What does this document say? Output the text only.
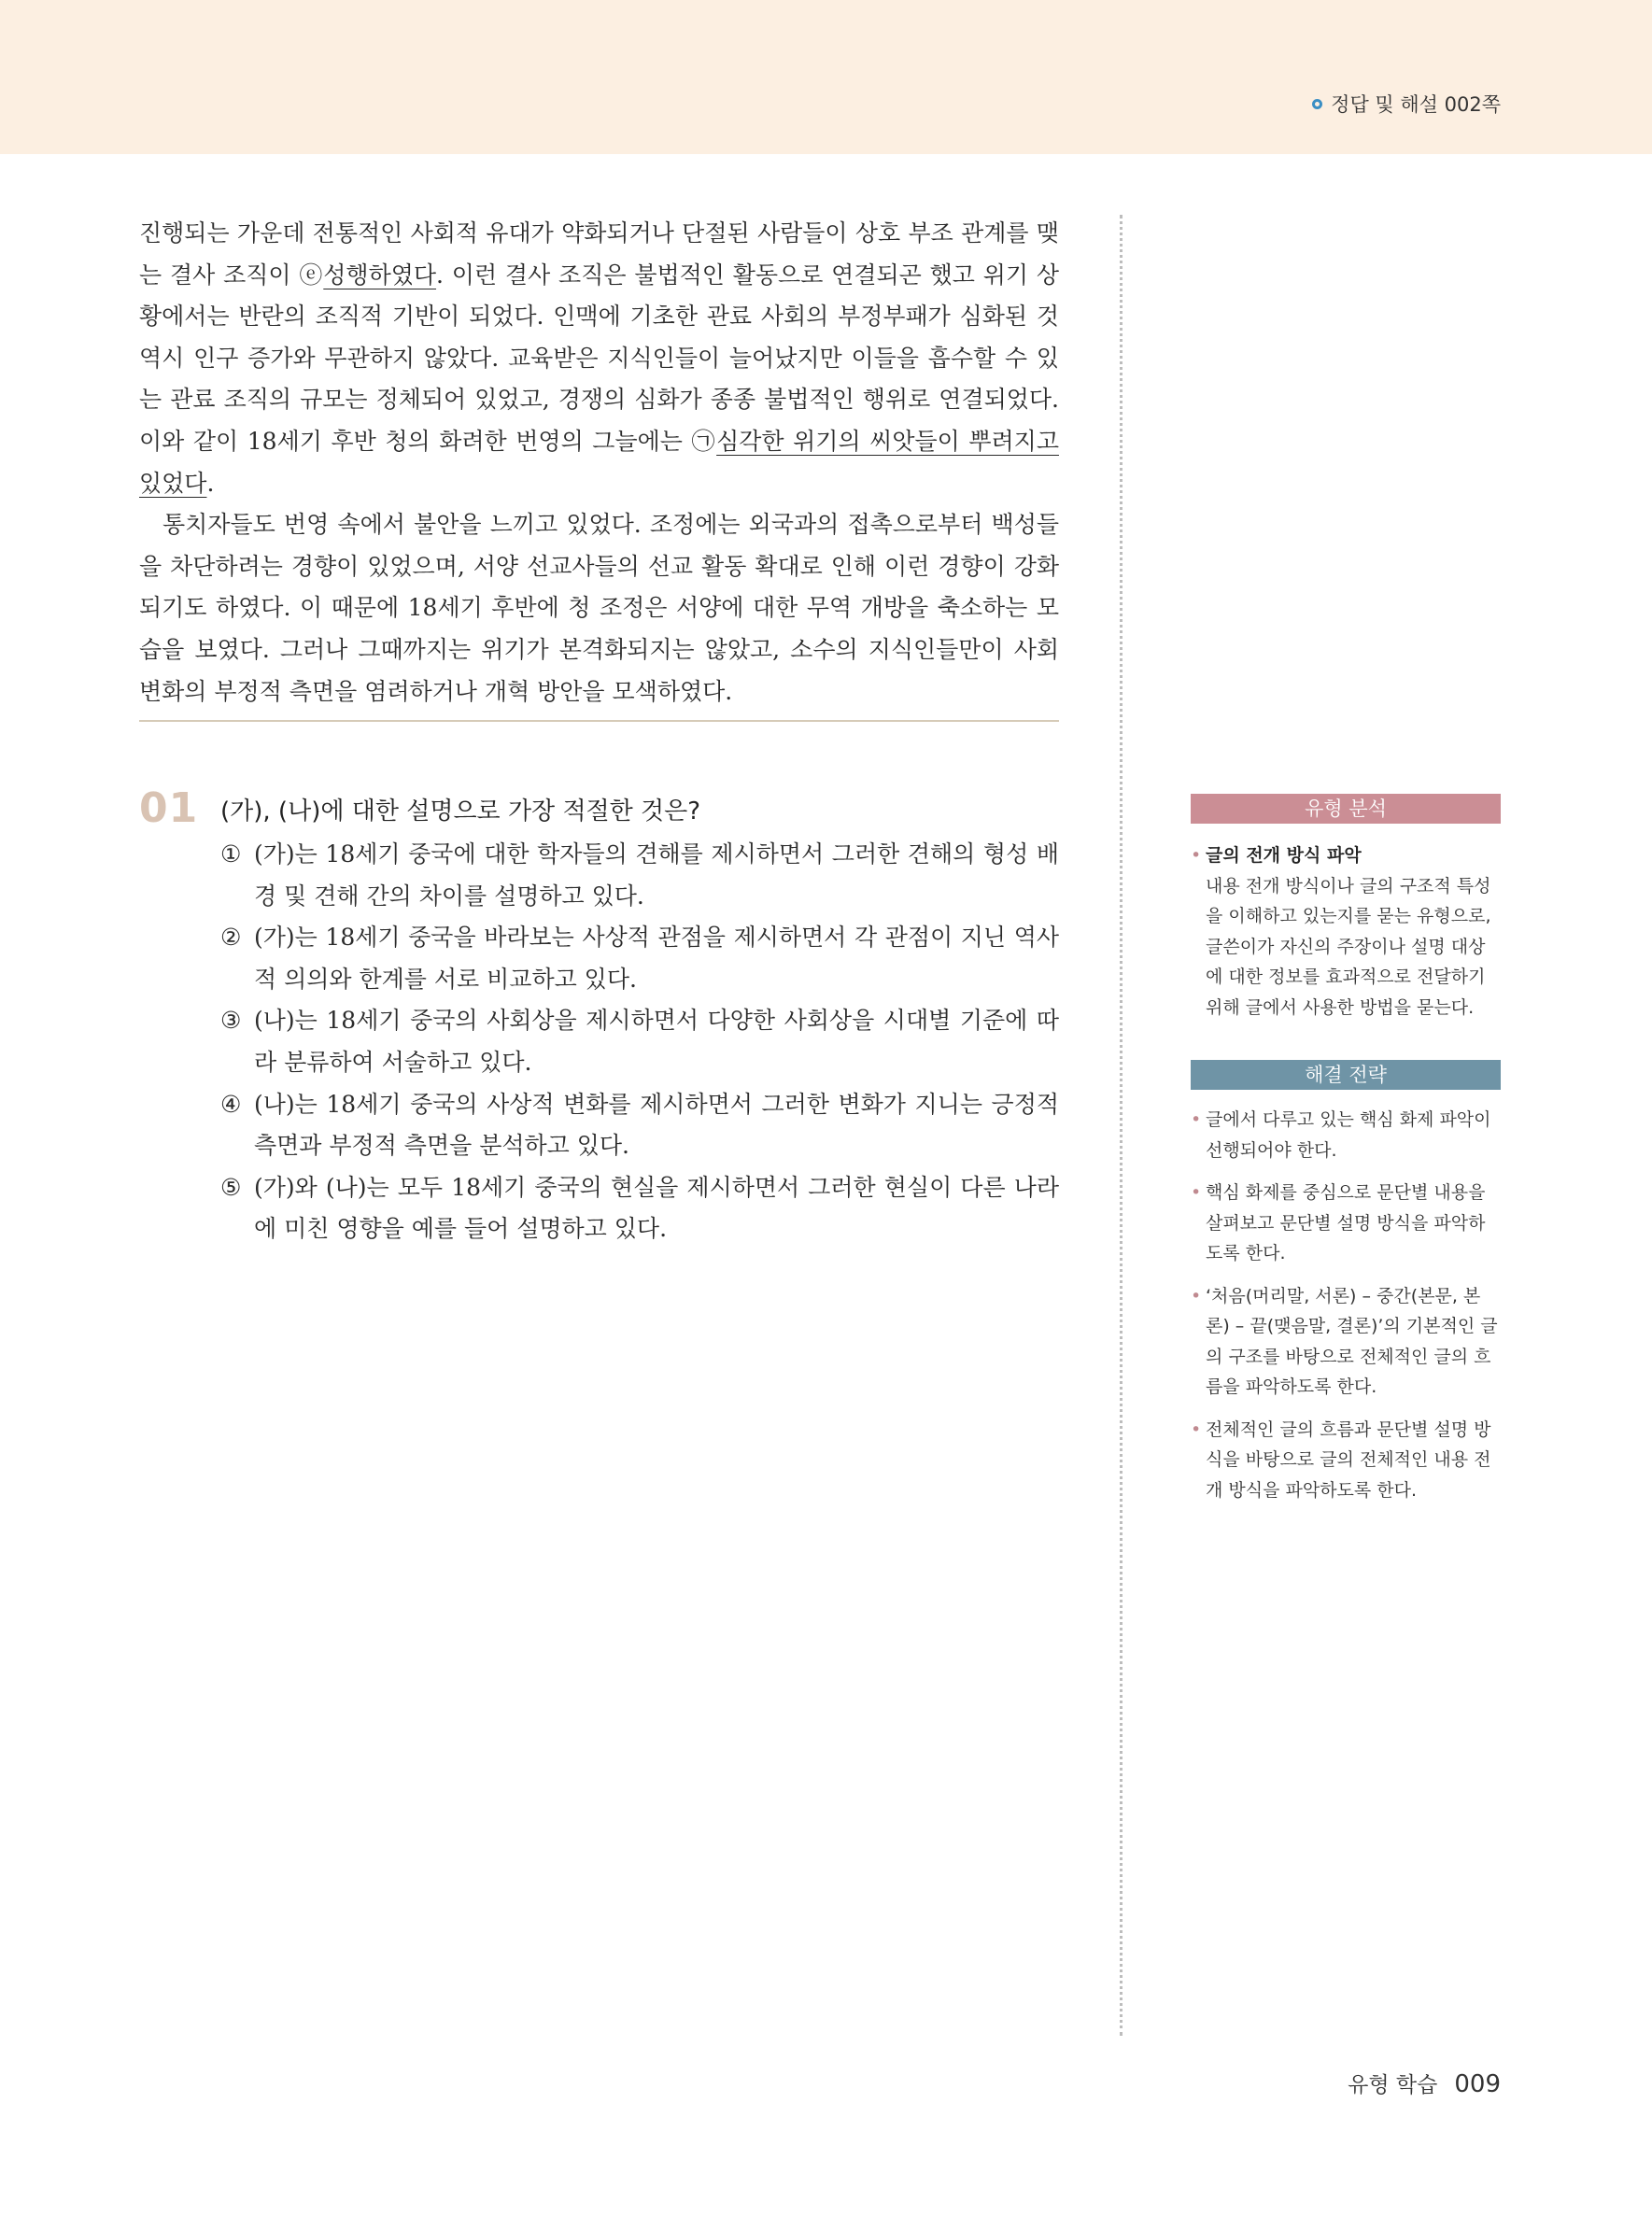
정답 및 해설 002쪽

진행되는 가운데 전통적인 사회적 유대가 약화되거나 단절된 사람들이 상호 부조 관계를 맺는 결사 조직이 ⓔ성행하였다. 이런 결사 조직은 불법적인 활동으로 연결되곤 했고 위기 상황에서는 반란의 조직적 기반이 되었다. 인맥에 기초한 관료 사회의 부정부패가 심화된 것 역시 인구 증가와 무관하지 않았다. 교육받은 지식인들이 늘어났지만 이들을 흡수할 수 있는 관료 조직의 규모는 정체되어 있었고, 경쟁의 심화가 종종 불법적인 행위로 연결되었다. 이와 같이 18세기 후반 청의 화려한 번영의 그늘에는 ㉠심각한 위기의 씨앗들이 뿌려지고 있었다.

통치자들도 번영 속에서 불안을 느끼고 있었다. 조정에는 외국과의 접촉으로부터 백성들을 차단하려는 경향이 있었으며, 서양 선교사들의 선교 활동 확대로 인해 이런 경향이 강화되기도 하였다. 이 때문에 18세기 후반에 청 조정은 서양에 대한 무역 개방을 축소하는 모습을 보였다. 그러나 그때까지는 위기가 본격화되지는 않았고, 소수의 지식인들만이 사회 변화의 부정적 측면을 염려하거나 개혁 방안을 모색하였다.

01 (가), (나)에 대한 설명으로 가장 적절한 것은?
① (가)는 18세기 중국에 대한 학자들의 견해를 제시하면서 그러한 견해의 형성 배경 및 견해 간의 차이를 설명하고 있다.
② (가)는 18세기 중국을 바라보는 사상적 관점을 제시하면서 각 관점이 지닌 역사적 의의와 한계를 서로 비교하고 있다.
③ (나)는 18세기 중국의 사회상을 제시하면서 다양한 사회상을 시대별 기준에 따라 분류하여 서술하고 있다.
④ (나)는 18세기 중국의 사상적 변화를 제시하면서 그러한 변화가 지니는 긍정적 측면과 부정적 측면을 분석하고 있다.
⑤ (가)와 (나)는 모두 18세기 중국의 현실을 제시하면서 그러한 현실이 다른 나라에 미친 영향을 예를 들어 설명하고 있다.
유형 분석
• 글의 전개 방식 파악
내용 전개 방식이나 글의 구조적 특성을 이해하고 있는지를 묻는 유형으로, 글쓴이가 자신의 주장이나 설명 대상에 대한 정보를 효과적으로 전달하기 위해 글에서 사용한 방법을 묻는다.
해결 전략
• 글에서 다루고 있는 핵심 화제 파악이 선행되어야 한다.
• 핵심 화제를 중심으로 문단별 내용을 살펴보고 문단별 설명 방식을 파악하도록 한다.
• ‘처음(머리말, 서론) – 중간(본문, 본론) – 끝(맺음말, 결론)’의 기본적인 글의 구조를 바탕으로 전체적인 글의 흐름을 파악하도록 한다.
• 전체적인 글의 흐름과 문단별 설명 방식을 바탕으로 글의 전체적인 내용 전개 방식을 파악하도록 한다.
유형 학습 009
